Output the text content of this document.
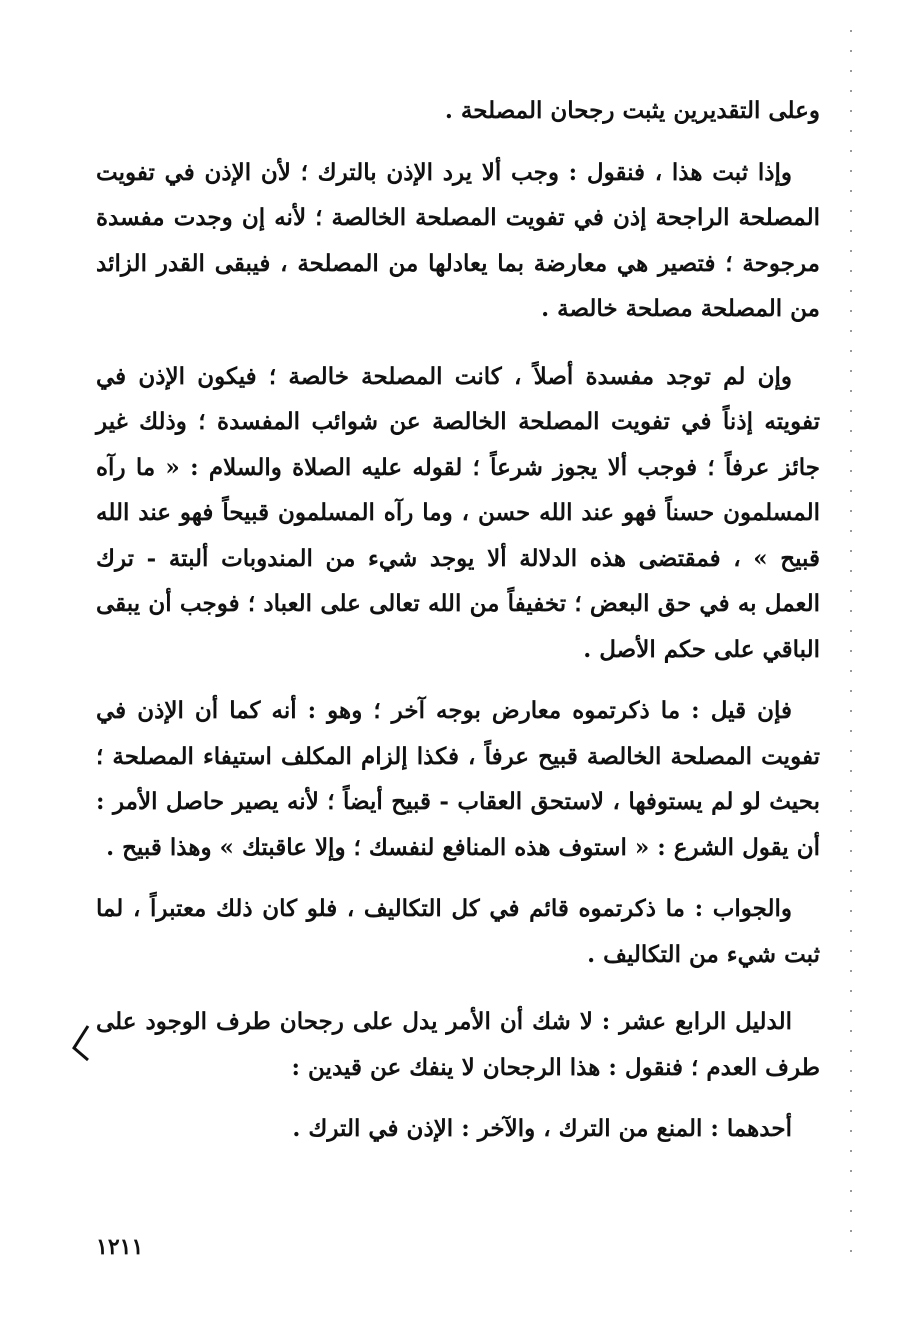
وعلى التقديرين يثبت رجحان المصلحة .

وإذا ثبت هذا ، فنقول : وجب ألا يرد الإذن بالترك ؛ لأن الإذن في تفويت المصلحة الراجحة إذن في تفويت المصلحة الخالصة ؛ لأنه إن وجدت مفسدة مرجوحة ؛ فتصير هي معارضة بما يعادلها من المصلحة ، فيبقى القدر الزائد من المصلحة مصلحة خالصة .

وإن لم توجد مفسدة أصلاً ، كانت المصلحة خالصة ؛ فيكون الإذن في تفويته إذناً في تفويت المصلحة الخالصة عن شوائب المفسدة ؛ وذلك غير جائز عرفاً ؛ فوجب ألا يجوز شرعاً ؛ لقوله عليه الصلاة والسلام : « ما رآه المسلمون حسناً فهو عند الله حسن ، وما رآه المسلمون قبيحاً فهو عند الله قبيح » ، فمقتضى هذه الدلالة ألا يوجد شيء من المندوبات ألبتة - ترك العمل به في حق البعض ؛ تخفيفاً من الله تعالى على العباد ؛ فوجب أن يبقى الباقي على حكم الأصل .

فإن قيل : ما ذكرتموه معارض بوجه آخر ؛ وهو : أنه كما أن الإذن في تفويت المصلحة الخالصة قبيح عرفاً ، فكذا إلزام المكلف استيفاء المصلحة ؛ بحيث لو لم يستوفها ، لاستحق العقاب - قبيح أيضاً ؛ لأنه يصير حاصل الأمر : أن يقول الشرع : « استوف هذه المنافع لنفسك ؛ وإلا عاقبتك » وهذا قبيح .

والجواب : ما ذكرتموه قائم في كل التكاليف ، فلو كان ذلك معتبراً ، لما ثبت شيء من التكاليف .

الدليل الرابع عشر : لا شك أن الأمر يدل على رجحان طرف الوجود على طرف العدم ؛ فنقول : هذا الرجحان لا ينفك عن قيدين :

أحدهما : المنع من الترك ، والآخر : الإذن في الترك .

١٢١١
